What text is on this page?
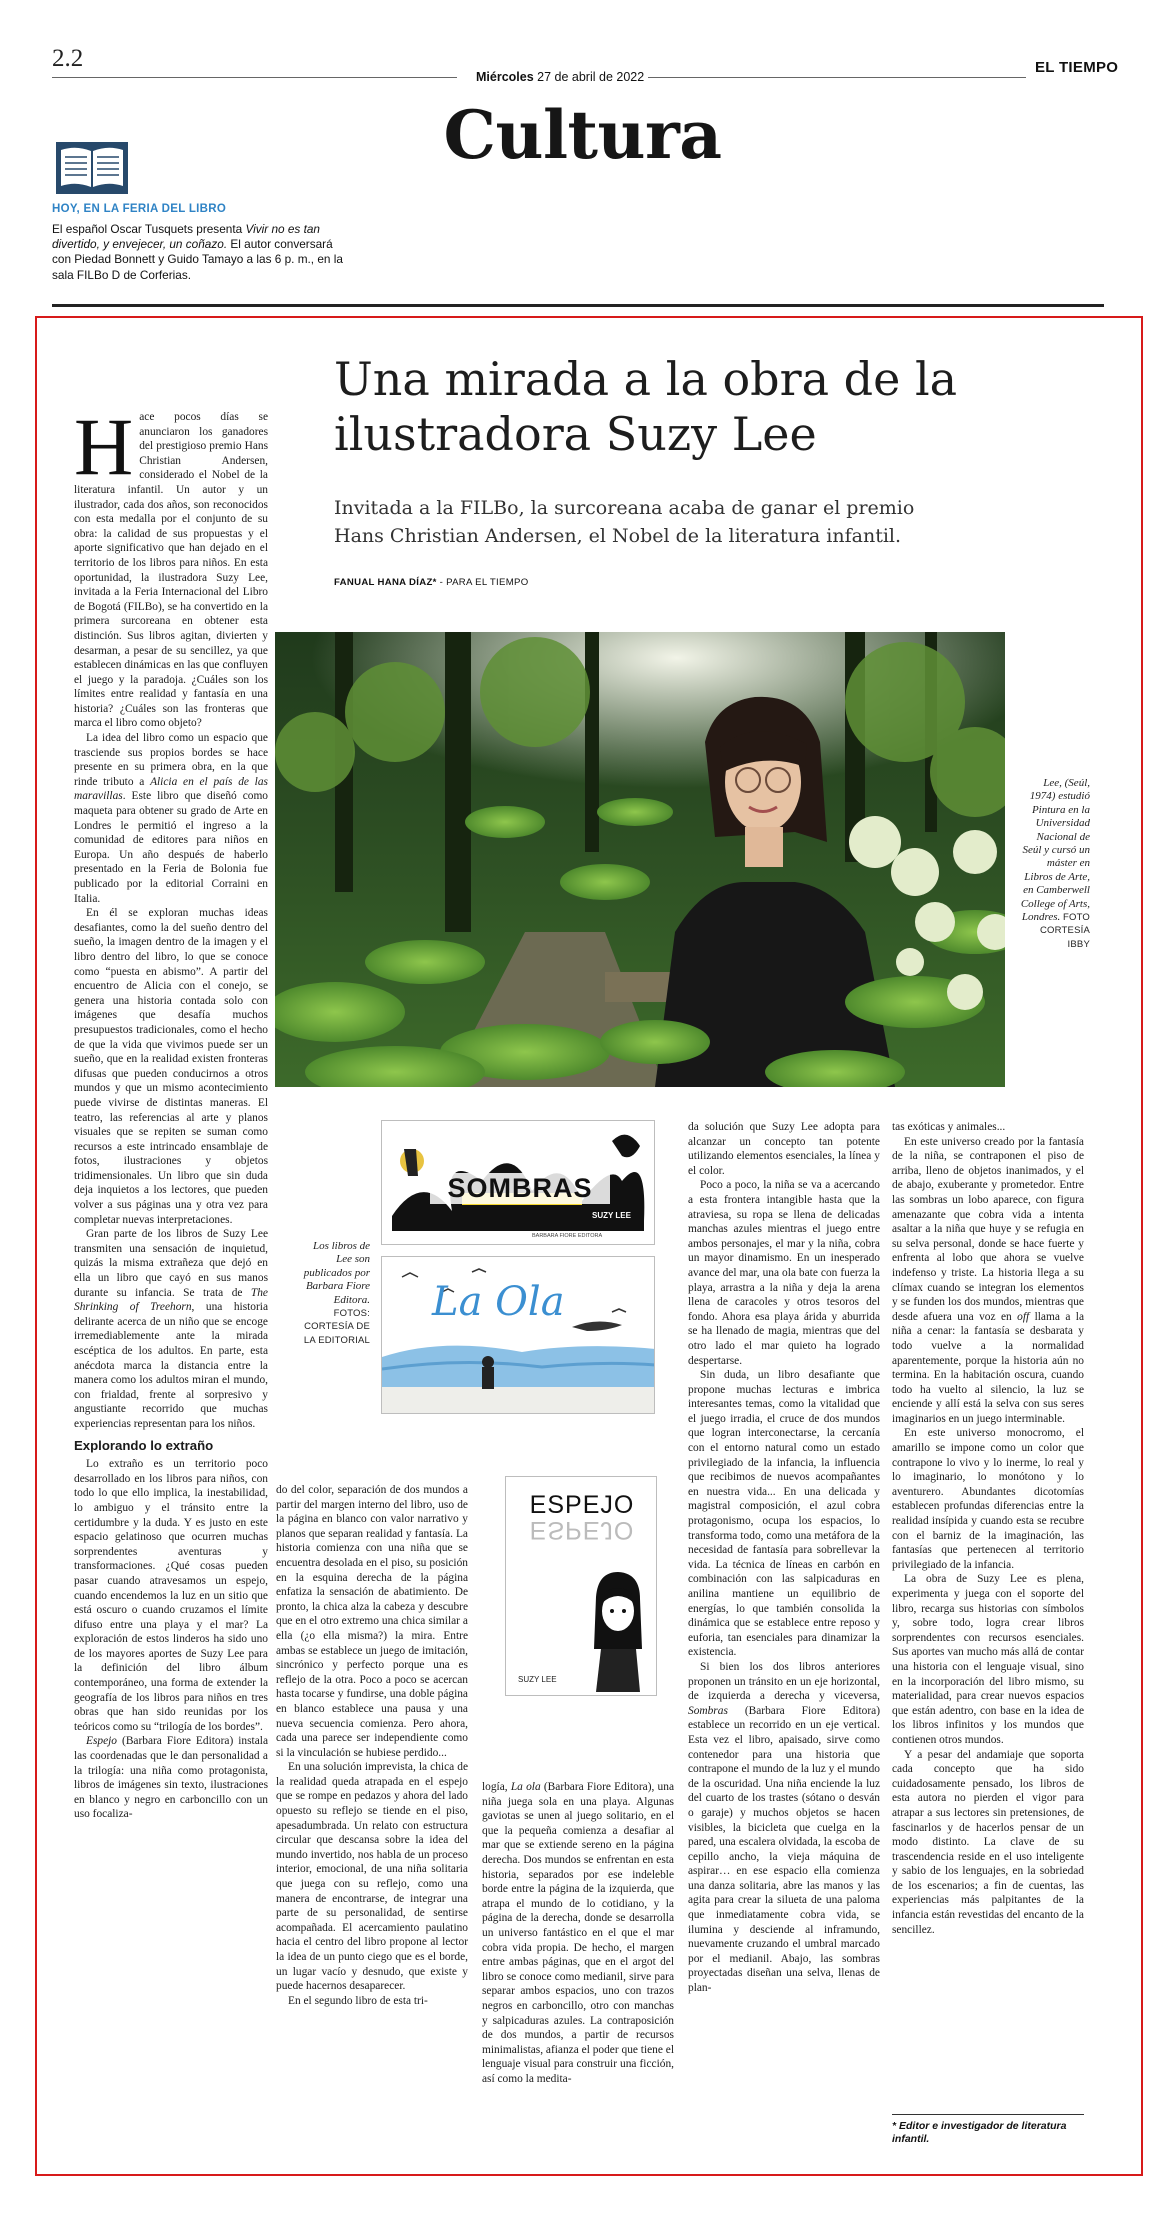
2.2
Miércoles 27 de abril de 2022
EL TIEMPO
Cultura
HOY, EN LA FERIA DEL LIBRO
El español Oscar Tusquets presenta Vivir no es tan divertido, y envejecer, un coñazo. El autor conversará con Piedad Bonnett y Guido Tamayo a las 6 p. m., en la sala FILBo D de Corferias.
Una mirada a la obra de la ilustradora Suzy Lee
Invitada a la FILBo, la surcoreana acaba de ganar el premio Hans Christian Andersen, el Nobel de la literatura infantil.
FANUAL HANA DÍAZ* - PARA EL TIEMPO
Lee, (Seúl, 1974) estudió Pintura en la Universidad Nacional de Seúl y cursó un máster en Libros de Arte, en Camberwell College of Arts, Londres. FOTO CORTESÍA IBBY
Los libros de Lee son publicados por Barbara Fiore Editora. FOTOS: CORTESÍA DE LA EDITORIAL
SOMBRAS
SUZY LEE
BARBARA FIORE EDITORA
La Ola
ESPEJO
ESPEJO
SUZY LEE
H ace pocos días se anunciaron los ganadores del prestigioso premio Hans Christian Andersen, considerado el Nobel de la literatura infantil. Un autor y un ilustrador, cada dos años, son reconocidos con esta medalla por el conjunto de su obra: la calidad de sus propuestas y el aporte significativo que han dejado en el territorio de los libros para niños. En esta oportunidad, la ilustradora Suzy Lee, invitada a la Feria Internacional del Libro de Bogotá (FILBo), se ha convertido en la primera surcoreana en obtener esta distinción. Sus libros agitan, divierten y desarman, a pesar de su sencillez, ya que establecen dinámicas en las que confluyen el juego y la paradoja. ¿Cuáles son los límites entre realidad y fantasía en una historia? ¿Cuáles son las fronteras que marca el libro como objeto?

La idea del libro como un espacio que trasciende sus propios bordes se hace presente en su primera obra, en la que rinde tributo a Alicia en el país de las maravillas. Este libro que diseñó como maqueta para obtener su grado de Arte en Londres le permitió el ingreso a la comunidad de editores para niños en Europa. Un año después de haberlo presentado en la Feria de Bolonia fue publicado por la editorial Corraini en Italia.

En él se exploran muchas ideas desafiantes, como la del sueño dentro del sueño, la imagen dentro de la imagen y el libro dentro del libro, lo que se conoce como “puesta en abismo”. A partir del encuentro de Alicia con el conejo, se genera una historia contada solo con imágenes que desafía muchos presupuestos tradicionales, como el hecho de que la vida que vivimos puede ser un sueño, que en la realidad existen fronteras difusas que pueden conducirnos a otros mundos y que un mismo acontecimiento puede vivirse de distintas maneras. El teatro, las referencias al arte y planos visuales que se repiten se suman como recursos a este intrincado ensamblaje de fotos, ilustraciones y objetos tridimensionales. Un libro que sin duda deja inquietos a los lectores, que pueden volver a sus páginas una y otra vez para completar nuevas interpretaciones.

Gran parte de los libros de Suzy Lee transmiten una sensación de inquietud, quizás la misma extrañeza que dejó en ella un libro que cayó en sus manos durante su infancia. Se trata de The Shrinking of Treehorn, una historia delirante acerca de un niño que se encoge irremediablemente ante la mirada escéptica de los adultos. En parte, esta anécdota marca la distancia entre la manera como los adultos miran el mundo, con frialdad, frente al sorpresivo y angustiante recorrido que muchas experiencias representan para los niños.

Explorando lo extraño

Lo extraño es un territorio poco desarrollado en los libros para niños, con todo lo que ello implica, la inestabilidad, lo ambiguo y el tránsito entre la certidumbre y la duda. Y es justo en este espacio gelatinoso que ocurren muchas sorprendentes aventuras y transformaciones. ¿Qué cosas pueden pasar cuando atravesamos un espejo, cuando encendemos la luz en un sitio que está oscuro o cuando cruzamos el límite difuso entre una playa y el mar? La exploración de estos linderos ha sido uno de los mayores aportes de Suzy Lee para la definición del libro álbum contemporáneo, una forma de extender la geografía de los libros para niños en tres obras que han sido reunidas por los teóricos como su “trilogía de los bordes”.

Espejo (Barbara Fiore Editora) instala las coordenadas que le dan personalidad a la trilogía: una niña como protagonista, libros de imágenes sin texto, ilustraciones en blanco y negro en carboncillo con un uso focaliza-

do del color, separación de dos mundos a partir del margen interno del libro, uso de la página en blanco con valor narrativo y planos que separan realidad y fantasía. La historia comienza con una niña que se encuentra desolada en el piso, su posición en la esquina derecha de la página enfatiza la sensación de abatimiento. De pronto, la chica alza la cabeza y descubre que en el otro extremo una chica similar a ella (¿o ella misma?) la mira. Entre ambas se establece un juego de imitación, sincrónico y perfecto porque una es reflejo de la otra. Poco a poco se acercan hasta tocarse y fundirse, una doble página en blanco establece una pausa y una nueva secuencia comienza. Pero ahora, cada una parece ser independiente como si la vinculación se hubiese perdido...

En una solución imprevista, la chica de la realidad queda atrapada en el espejo que se rompe en pedazos y ahora del lado opuesto su reflejo se tiende en el piso, apesadumbrada. Un relato con estructura circular que descansa sobre la idea del mundo invertido, nos habla de un proceso interior, emocional, de una niña solitaria que juega con su reflejo, como una manera de encontrarse, de integrar una parte de su personalidad, de sentirse acompañada. El acercamiento paulatino hacia el centro del libro propone al lector la idea de un punto ciego que es el borde, un lugar vacío y desnudo, que existe y puede hacernos desaparecer.

En el segundo libro de esta tri-

logía, La ola (Barbara Fiore Editora), una niña juega sola en una playa. Algunas gaviotas se unen al juego solitario, en el que la pequeña comienza a desafiar al mar que se extiende sereno en la página derecha. Dos mundos se enfrentan en esta historia, separados por ese indeleble borde entre la página de la izquierda, que atrapa el mundo de lo cotidiano, y la página de la derecha, donde se desarrolla un universo fantástico en el que el mar cobra vida propia. De hecho, el margen entre ambas páginas, que en el argot del libro se conoce como medianil, sirve para separar ambos espacios, uno con trazos negros en carboncillo, otro con manchas y salpicaduras azules. La contraposición de dos mundos, a partir de recursos minimalistas, afianza el poder que tiene el lenguaje visual para construir una ficción, así como la medita-

da solución que Suzy Lee adopta para alcanzar un concepto tan potente utilizando elementos esenciales, la línea y el color.

Poco a poco, la niña se va a acercando a esta frontera intangible hasta que la atraviesa, su ropa se llena de delicadas manchas azules mientras el juego entre ambos personajes, el mar y la niña, cobra un mayor dinamismo. En un inesperado avance del mar, una ola bate con fuerza la playa, arrastra a la niña y deja la arena llena de caracoles y otros tesoros del fondo. Ahora esa playa árida y aburrida se ha llenado de magia, mientras que del otro lado el mar quieto ha logrado despertarse.

Sin duda, un libro desafiante que propone muchas lecturas e imbrica interesantes temas, como la vitalidad que el juego irradia, el cruce de dos mundos que logran interconectarse, la cercanía con el entorno natural como un estado privilegiado de la infancia, la influencia que recibimos de nuevos acompañantes en nuestra vida... En una delicada y magistral composición, el azul cobra protagonismo, ocupa los espacios, lo transforma todo, como una metáfora de la necesidad de fantasía para sobrellevar la vida. La técnica de líneas en carbón en combinación con las salpicaduras en anilina mantiene un equilibrio de energías, lo que también consolida la dinámica que se establece entre reposo y euforia, tan esenciales para dinamizar la existencia.

Si bien los dos libros anteriores proponen un tránsito en un eje horizontal, de izquierda a derecha y viceversa, Sombras (Barbara Fiore Editora) establece un recorrido en un eje vertical. Esta vez el libro, apaisado, sirve como contenedor para una historia que contrapone el mundo de la luz y el mundo de la oscuridad. Una niña enciende la luz del cuarto de los trastes (sótano o desván o garaje) y muchos objetos se hacen visibles, la bicicleta que cuelga en la pared, una escalera olvidada, la escoba de cepillo ancho, la vieja máquina de aspirar… en ese espacio ella comienza una danza solitaria, abre las manos y las agita para crear la silueta de una paloma que inmediatamente cobra vida, se ilumina y desciende al inframundo, nuevamente cruzando el umbral marcado por el medianil. Abajo, las sombras proyectadas diseñan una selva, llenas de plan-

tas exóticas y animales...

En este universo creado por la fantasía de la niña, se contraponen el piso de arriba, lleno de objetos inanimados, y el de abajo, exuberante y prometedor. Entre las sombras un lobo aparece, con figura amenazante que cobra vida a intenta asaltar a la niña que huye y se refugia en su selva personal, donde se hace fuerte y enfrenta al lobo que ahora se vuelve indefenso y triste. La historia llega a su clímax cuando se integran los elementos y se funden los dos mundos, mientras que desde afuera una voz en off llama a la niña a cenar: la fantasía se desbarata y todo vuelve a la normalidad aparentemente, porque la historia aún no termina. En la habitación oscura, cuando todo ha vuelto al silencio, la luz se enciende y allí está la selva con sus seres imaginarios en un juego interminable.

En este universo monocromo, el amarillo se impone como un color que contrapone lo vivo y lo inerme, lo real y lo imaginario, lo monótono y lo aventurero. Abundantes dicotomías establecen profundas diferencias entre la realidad insípida y cuando esta se recubre con el barniz de la imaginación, las fantasías que pertenecen al territorio privilegiado de la infancia.

La obra de Suzy Lee es plena, experimenta y juega con el soporte del libro, recarga sus historias con símbolos y, sobre todo, logra crear libros sorprendentes con recursos esenciales. Sus aportes van mucho más allá de contar una historia con el lenguaje visual, sino en la incorporación del libro mismo, su materialidad, para crear nuevos espacios que están adentro, con base en la idea de los libros infinitos y los mundos que contienen otros mundos.

Y a pesar del andamiaje que soporta cada concepto que ha sido cuidadosamente pensado, los libros de esta autora no pierden el vigor para atrapar a sus lectores sin pretensiones, de fascinarlos y de hacerlos pensar de un modo distinto. La clave de su trascendencia reside en el uso inteligente y sabio de los lenguajes, en la sobriedad de los escenarios; a fin de cuentas, las experiencias más palpitantes de la infancia están revestidas del encanto de la sencillez.

* Editor e investigador de literatura infantil.
